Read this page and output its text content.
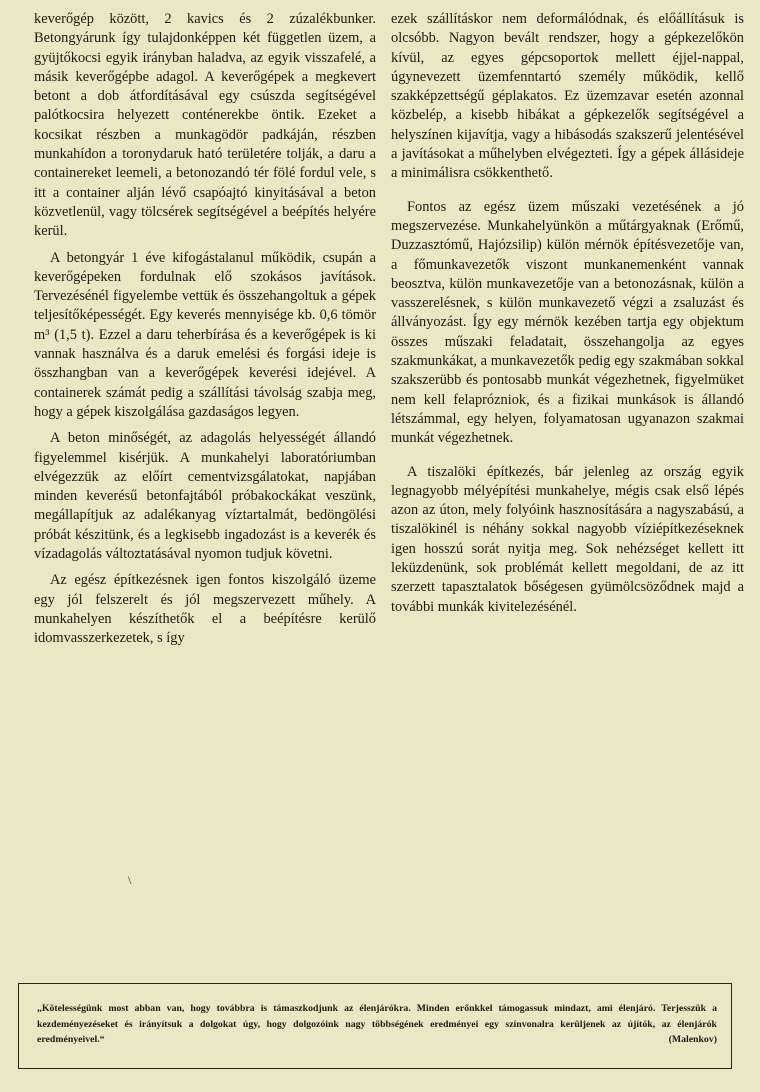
keverőgép között, 2 kavics és 2 zúzalékbunker. Betongyárunk így tulajdonképpen két független üzem, a gyüjtőkocsi egyik irányban haladva, az egyik visszafelé, a másik keverőgépbe adagol. A keverőgépek a megkevert betont a dob átfordításával egy csúszda segítségével palótkocsira helyezett conténerekbe öntik. Ezeket a kocsikat részben a munkagödör padkáján, részben munkahídon a toronydaruk ható területére tolják, a daru a containereket leemeli, a betonozandó tér fölé fordul vele, s itt a container alján lévő csapóajtó kinyitásával a beton közvetlenül, vagy tölcsérek segítségével a beépítés helyére kerül.

A betongyár 1 éve kifogástalanul működik, csupán a keverőgépeken fordulnak elő szokásos javítások. Tervezésénél figyelembe vettük és összehangoltuk a gépek teljesítőképességét. Egy keverés mennyisége kb. 0,6 tömör m³ (1,5 t). Ezzel a daru teherbírása és a keverőgépek is ki vannak használva és a daruk emelési és forgási ideje is összhangban van a keverőgépek keverési idejével. A containerek számát pedig a szállítási távolság szabja meg, hogy a gépek kiszolgálása gazdaságos legyen.

A beton minőségét, az adagolás helyességét állandó figyelemmel kisérjük. A munkahelyi laboratóriumban elvégezzük az előírt cementvizsgálatokat, napjában minden keverésű betonfajtából próbakockákat veszünk, megállapítjuk az adalékanyag víztartalmát, bedöngölési próbát készitünk, és a legkisebb ingadozást is a keverék és vízadagolás változtatásával nyomon tudjuk követni.

Az egész építkezésnek igen fontos kiszolgáló üzeme egy jól felszerelt és jól megszervezett műhely. A munkahelyen készíthetők el a beépítésre kerülő idomvasszerkezetek, s így

ezek szállításkor nem deformálódnak, és előállításuk is olcsóbb. Nagyon bevált rendszer, hogy a gépkezelőkön kívül, az egyes gépcsoportok mellett éjjel-nappal, úgynevezett üzemfenntartó személy működik, kellő szakképzettségű géplakatos. Ez üzemzavar esetén azonnal közbelép, a kisebb hibákat a gépkezelők segítségével a helyszínen kijavítja, vagy a hibásodás szakszerű jelentésével a javításokat a műhelyben elvégezteti. Így a gépek állásideje a minimálisra csökkenthető.

Fontos az egész üzem műszaki vezetésének a jó megszervezése. Munkahelyünkön a műtárgyaknak (Erőmű, Duzzasztómű, Hajózsilip) külön mérnök építésvezetője van, a főmunkavezetők viszont munkanemenként vannak beosztva, külön munkavezetője van a betonozásnak, külön a vasszerelésnek, s külön munkavezető végzi a zsaluzást és állványozást. Így egy mérnök kezében tartja egy objektum összes műszaki feladatait, összehangolja az egyes szakmunkákat, a munkavezetők pedig egy szakmában sokkal szakszerübb és pontosabb munkát végezhetnek, figyelmüket nem kell felaprózniok, és a fizikai munkások is állandó létszámmal, egy helyen, folyamatosan ugyanazon szakmai munkát végezhetnek.

A tiszalöki építkezés, bár jelenleg az ország egyik legnagyobb mélyépítési munkahelye, mégis csak első lépés azon az úton, mely folyóink hasznosítására a nagyszabású, a tiszalökinél is néhány sokkal nagyobb víziépítkezéseknek igen hosszú sorát nyitja meg. Sok nehézséget kellett itt leküzdenünk, sok problémát kellett megoldani, de az itt szerzett tapasztalatok bőségesen gyümölcsöződnek majd a további munkák kivitelezésénél.

\
„Kötelességünk most abban van, hogy továbbra is támaszkodjunk az élenjárókra. Minden erőnkkel támogassuk mindazt, ami élenjáró. Terjesszük a kezdeményezéseket és irányítsuk a dolgokat úgy, hogy dolgozóink nagy többségének eredményei egy színvonalra kerüljenek az újítók, az élenjárók eredményeivel.“	(Malenkov)
